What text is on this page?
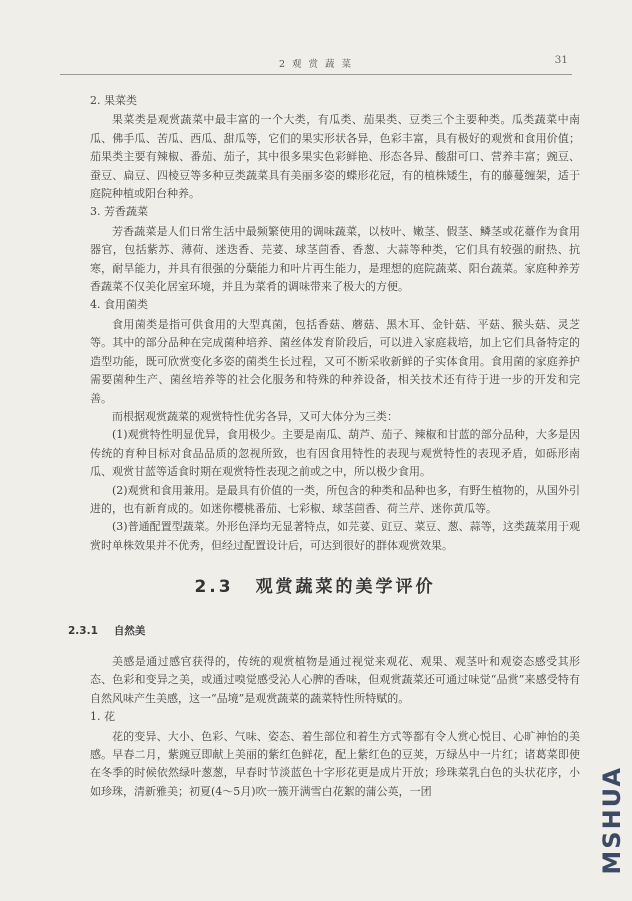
2 观 赏 蔬 菜	31

2. 果菜类

果菜类是观赏蔬菜中最丰富的一个大类，有瓜类、茄果类、豆类三个主要种类。瓜类蔬菜中南瓜、佛手瓜、苦瓜、西瓜、甜瓜等，它们的果实形状各异，色彩丰富，具有极好的观赏和食用价值；茄果类主要有辣椒、番茄、茄子，其中很多果实色彩鲜艳、形态各异、酸甜可口、营养丰富；豌豆、蚕豆、扁豆、四棱豆等多种豆类蔬菜具有美丽多姿的蝶形花冠，有的植株矮生，有的藤蔓缠架，适于庭院种植或阳台种养。

3. 芳香蔬菜

芳香蔬菜是人们日常生活中最频繁使用的调味蔬菜，以枝叶、嫩茎、假茎、鳞茎或花薹作为食用器官，包括紫苏、薄荷、迷迭香、芫荽、球茎茴香、香葱、大蒜等种类，它们具有较强的耐热、抗寒，耐旱能力，并具有很强的分蘖能力和叶片再生能力，是理想的庭院蔬菜、阳台蔬菜。家庭种养芳香蔬菜不仅美化居室环境，并且为菜肴的调味带来了极大的方便。

4. 食用菌类

食用菌类是指可供食用的大型真菌，包括香菇、蘑菇、黑木耳、金针菇、平菇、猴头菇、灵芝等。其中的部分品种在完成菌种培养、菌丝体发育阶段后，可以进入家庭栽培，加上它们具备特定的造型功能，既可欣赏变化多姿的菌类生长过程，又可不断采收新鲜的子实体食用。食用菌的家庭养护需要菌种生产、菌丝培养等的社会化服务和特殊的种养设备，相关技术还有待于进一步的开发和完善。

而根据观赏蔬菜的观赏特性优劣各异，又可大体分为三类：

(1)观赏特性明显优异，食用极少。主要是南瓜、葫芦、茄子、辣椒和甘蓝的部分品种，大多是因传统的育种目标对食品品质的忽视所致，也有因食用特性的表现与观赏特性的表现矛盾，如砾形南瓜、观赏甘蓝等适食时期在观赏特性表现之前或之中，所以极少食用。

(2)观赏和食用兼用。是最具有价值的一类，所包含的种类和品种也多，有野生植物的，从国外引进的，也有新育成的。如迷你樱桃番茄、七彩椒、球茎茴香、荷兰芹、迷你黄瓜等。

(3)普通配置型蔬菜。外形色泽均无显著特点，如芫荽、豇豆、菜豆、葱、蒜等，这类蔬菜用于观赏时单株效果并不优秀，但经过配置设计后，可达到很好的群体观赏效果。

2.3 观赏蔬菜的美学评价
2.3.1 自然美

美感是通过感官获得的，传统的观赏植物是通过视觉来观花、观果、观茎叶和观姿态感受其形态、色彩和变异之美，或通过嗅觉感受沁人心脾的香味，但观赏蔬菜还可通过味觉“品赏”来感受特有自然风味产生美感，这一“品境”是观赏蔬菜的蔬菜特性所特赋的。

1. 花

花的变异、大小、色彩、气味、姿态、着生部位和着生方式等都有令人赏心悦目、心旷神怡的美感。早春二月，紫豌豆即献上美丽的紫红色鲜花，配上紫红色的豆荚，万绿丛中一片红；诸葛菜即使在冬季的时候依然绿叶葱葱，早春时节淡蓝色十字形花更是成片开放；珍珠菜乳白色的头状花序，小如珍珠，清新雅美；初夏(4～5月)吹一簇开满雪白花絮的蒲公英，一团	MSHUA
